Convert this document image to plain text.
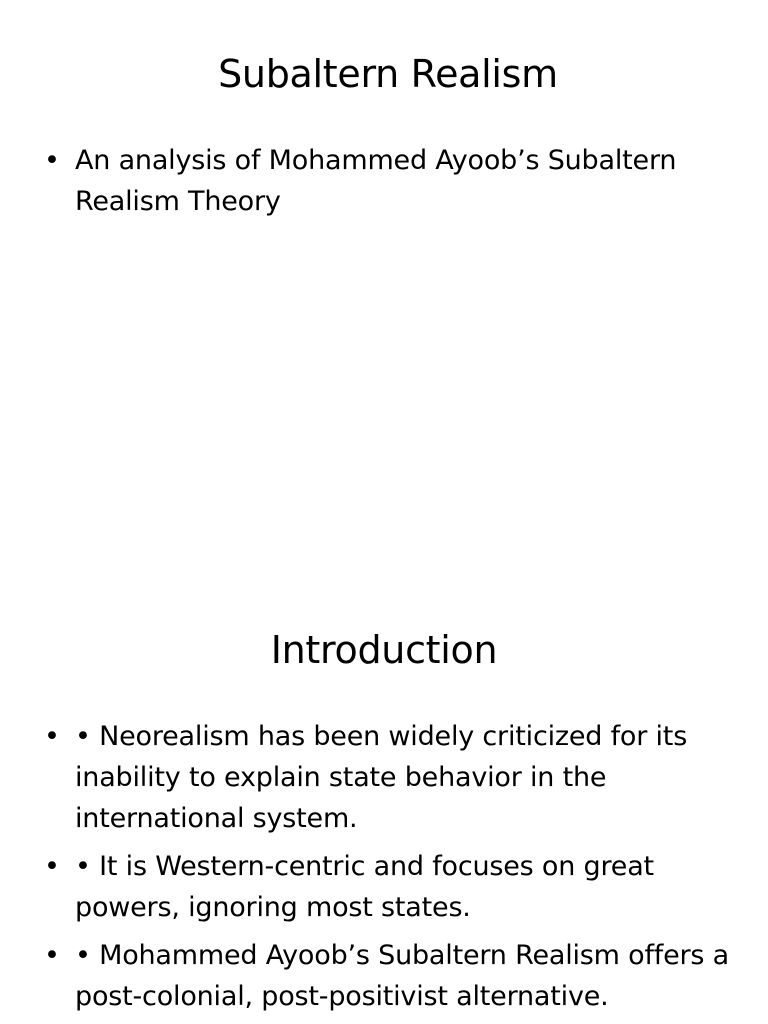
Subaltern Realism
• An analysis of Mohammed Ayoob’s Subaltern Realism Theory
Introduction
• • Neorealism has been widely criticized for its inability to explain state behavior in the international system.
• • It is Western-centric and focuses on great powers, ignoring most states.
• • Mohammed Ayoob’s Subaltern Realism offers a post-colonial, post-positivist alternative.
